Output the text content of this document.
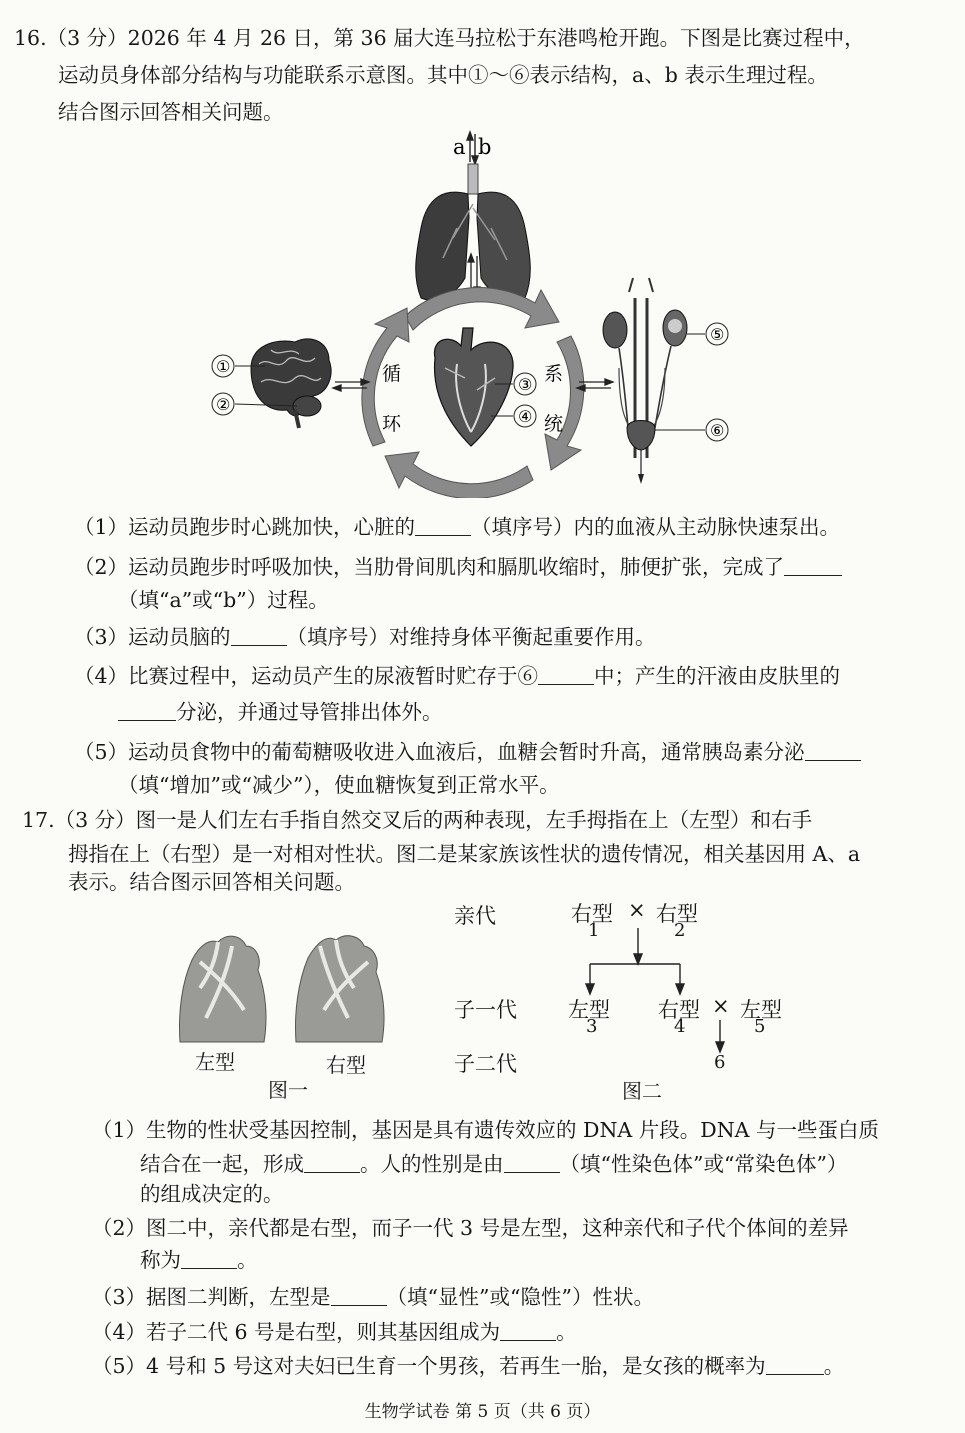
16.（3 分）2026 年 4 月 26 日，第 36 届大连马拉松于东港鸣枪开跑。下图是比赛过程中，
运动员身体部分结构与功能联系示意图。其中①～⑥表示结构，a、b 表示生理过程。
结合图示回答相关问题。
a b
循
环
系
统
③
④
①
②
⑤
⑥
（1）运动员跑步时心跳加快，心脏的	（填序号）内的血液从主动脉快速泵出。
（2）运动员跑步时呼吸加快，当肋骨间肌肉和膈肌收缩时，肺便扩张，完成了
（填“a”或“b”）过程。
（3）运动员脑的	（填序号）对维持身体平衡起重要作用。
（4）比赛过程中，运动员产生的尿液暂时贮存于⑥	中；产生的汗液由皮肤里的
分泌，并通过导管排出体外。
（5）运动员食物中的葡萄糖吸收进入血液后，血糖会暂时升高，通常胰岛素分泌
（填“增加”或“减少”），使血糖恢复到正常水平。
17.（3 分）图一是人们左右手指自然交叉后的两种表现，左手拇指在上（左型）和右手
拇指在上（右型）是一对相对性状。图二是某家族该性状的遗传情况，相关基因用 A、a
表示。结合图示回答相关问题。
左型	右型
图一
亲代
子一代
子二代
右型
1
× 右型
2
左型
3
右型
4
× 左型
5
6
图二
（1）生物的性状受基因控制，基因是具有遗传效应的 DNA 片段。DNA 与一些蛋白质
结合在一起，形成	。人的性别是由	（填“性染色体”或“常染色体”）
的组成决定的。
（2）图二中，亲代都是右型，而子一代 3 号是左型，这种亲代和子代个体间的差异
称为	。
（3）据图二判断，左型是	（填“显性”或“隐性”）性状。
（4）若子二代 6 号是右型，则其基因组成为	。
（5）4 号和 5 号这对夫妇已生育一个男孩，若再生一胎，是女孩的概率为	。
生物学试卷 第 5 页（共 6 页）
